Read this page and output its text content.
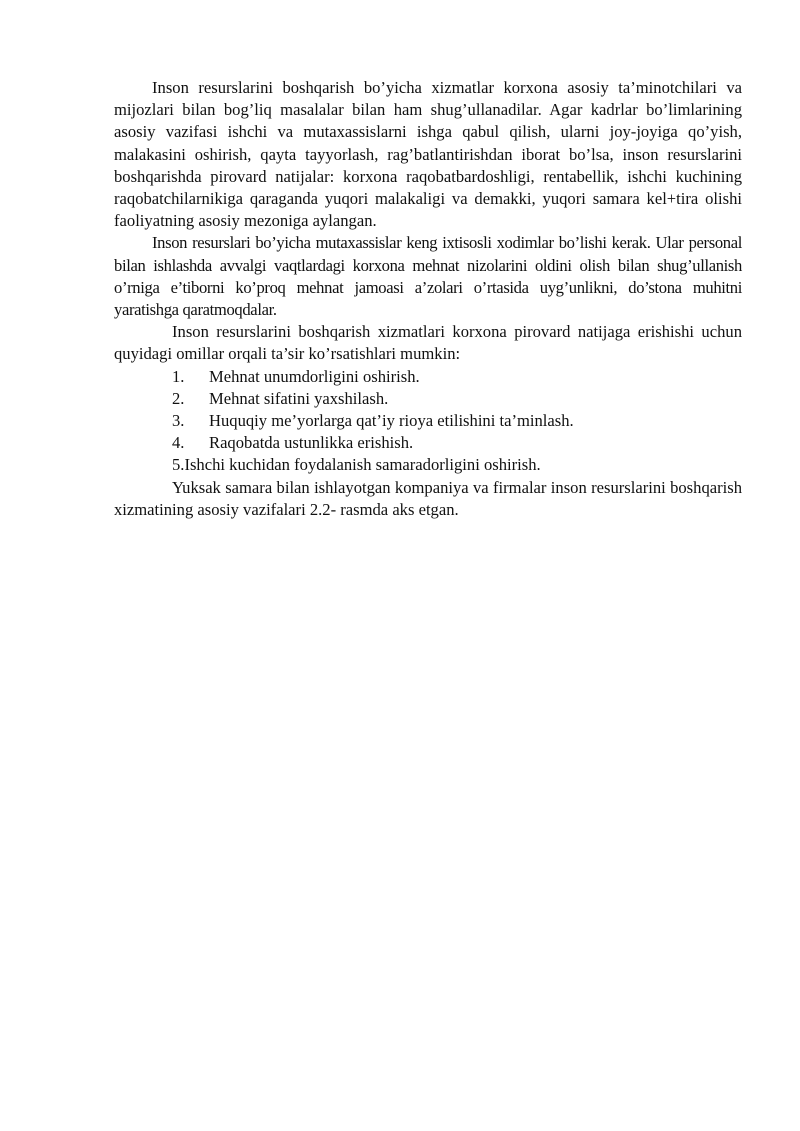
Inson resurslarini boshqarish bo’yicha xizmatlar korxona asosiy ta’minotchilari va mijozlari bilan bog’liq masalalar bilan ham shug’ullanadilar. Agar kadrlar bo’limlarining asosiy vazifasi ishchi va mutaxassislarni ishga qabul qilish, ularni joy-joyiga qo’yish, malakasini oshirish, qayta tayyorlash, rag’batlantirishdan iborat bo’lsa, inson resurslarini boshqarishda pirovard natijalar: korxona raqobatbardoshligi, rentabellik, ishchi kuchining raqobatchilarnikiga qaraganda yuqori malakaligi va demakki, yuqori samara kel+tira olishi faoliyatning asosiy mezoniga aylangan.

Inson resurslari bo’yicha mutaxassislar keng ixtisosli xodimlar bo’lishi kerak. Ular personal bilan ishlashda avvalgi vaqtlardagi korxona mehnat nizolarini oldini olish bilan shug’ullanish o’rniga e’tiborni ko’proq mehnat jamoasi a’zolari o’rtasida uyg’unlikni, do’stona muhitni yaratishga qaratmoqdalar.

Inson resurslarini boshqarish xizmatlari korxona pirovard natijaga erishishi uchun quyidagi omillar orqali ta’sir ko’rsatishlari mumkin:

1.	Mehnat unumdorligini oshirish.
2.	Mehnat sifatini yaxshilash.
3.	Huquqiy me’yorlarga qat’iy rioya etilishini ta’minlash.
4.	Raqobatda ustunlikka erishish.

5.Ishchi kuchidan foydalanish samaradorligini oshirish.

Yuksak samara bilan ishlayotgan kompaniya va firmalar inson resurslarini boshqarish xizmatining asosiy vazifalari 2.2- rasmda aks etgan.
